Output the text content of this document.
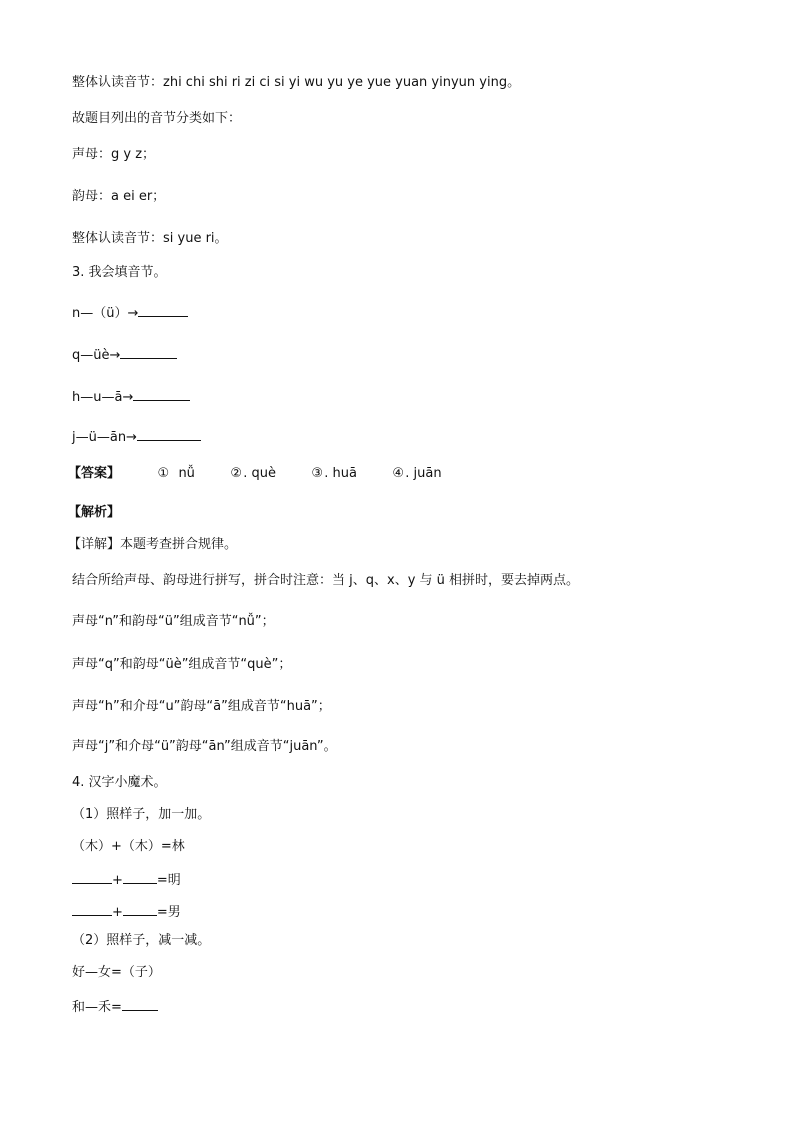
整体认读音节：zhi chi shi ri zi ci si yi wu yu ye yue yuan yinyun ying。
故题目列出的音节分类如下：
声母：g y z；
韵母：a ei er；
整体认读音节：si yue ri。
3. 我会填音节。
n—（ü）→
q—üè→
h—u—ā→
j—ü—ān→
【答案】	① nǚ	②. què	③. huā	④. juān
【解析】
【详解】本题考查拼合规律。
结合所给声母、韵母进行拼写，拼合时注意：当 j、q、x、y 与 ü 相拼时，要去掉两点。
声母“n”和韵母“ü”组成音节“nǚ”；
声母“q”和韵母“üè”组成音节“què”；
声母“h”和介母“u”韵母“ā”组成音节“huā”；
声母“j”和介母“ü”韵母“ān”组成音节“juān”。
4. 汉字小魔术。
（1）照样子，加一加。
（木）+（木）=林
+	=明
+	=男
（2）照样子，减一减。
好—女=（子）
和—禾=
